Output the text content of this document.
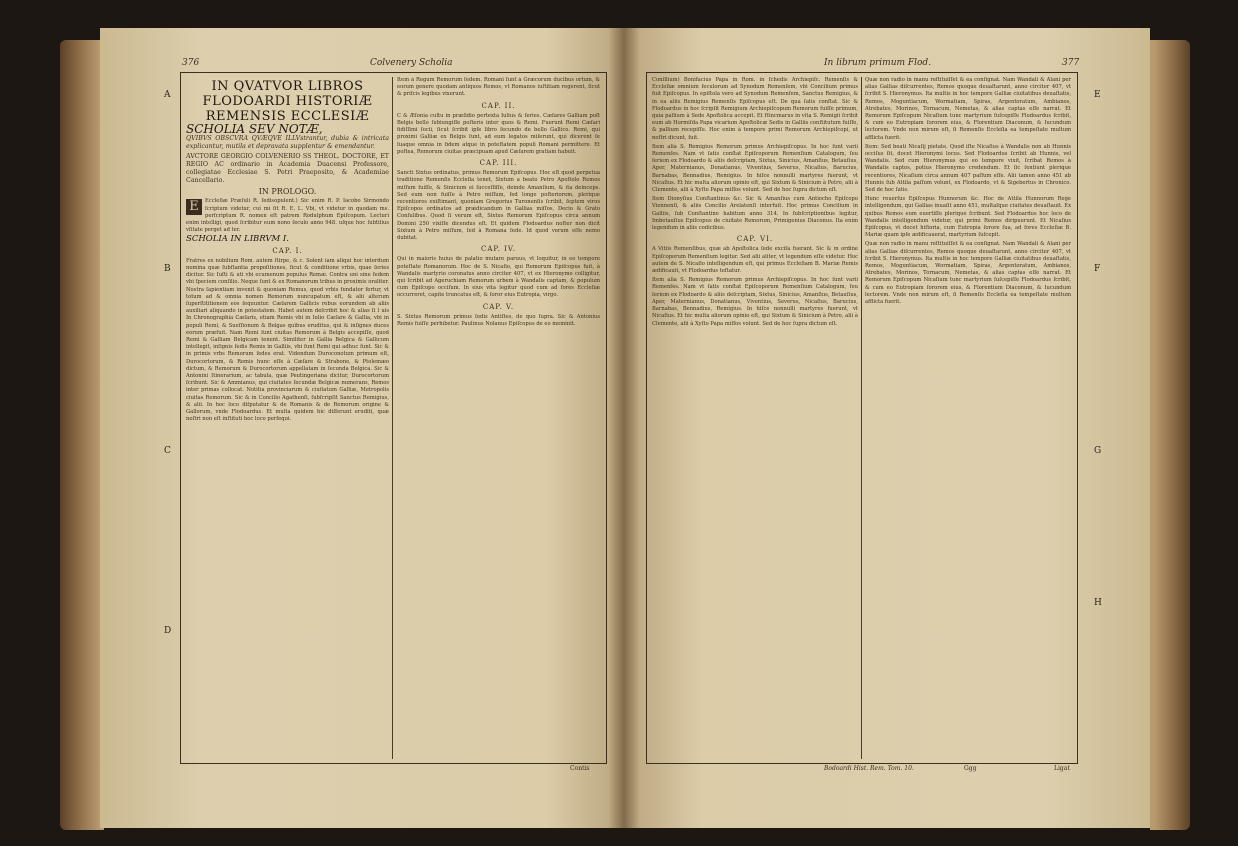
376	Colvenery Scholia
A
B
C
D
IN QVATVOR LIBROS FLODOARDI HISTORIÆ REMENSIS ECCLESIÆ
SCHOLIA SEV NOTÆ,

QVIBVS OBSCVRA QVÆQVE ILLVstrantur, dubia & intricata explicantur, mutila et depravata supplentur & emendantur.

AVCTORE GEORGIO COLVENERIO SS THEOL. DOCTORE, ET REGIO AC ordinario in Academia Duacensi Professore, collegiatae Ecclesiae S. Petri Praeposito, & Academiae Cancellario.

IN PROLOGO.

E	Eccleſiæ Præſuli R. ſedisopulent.) Sic enim R. P. Iacobo Sirmondo ſcriptum videtur, cui mi ſit R. E. L. Vbi, vt videtur in quodam ms. perſcriptum R. nomen eſt patrem Rodulphum Epiſcopum. Lecturi enim intelligi, quod ſcribitur eum nono ſeculo anno 948. uſque hoc ſubtilius vſitate perget ad ter.

SCHOLIA IN LIBRVM I.
CAP. I.

Fratres ex nobilium Rom. autem ſtirpe, & c. Solent iam aliqui hoc interdum nomina quæ ſubſtantia propoſitiones, ſicut & conditione vrbis, quae ſeries dicitur. Sic Iuſti & uti vbi ecumenum populus Remæ. Contra uni sine ſedem vbi ſpeciem conſilio. Neque ſunt & ex Romanorum tribus in proximis oraliter. Nostra ſapientiam invenit & quoniam Remus, quod vrbis fundator fertur, vt totum ad & omnia nomen Remorum nuncupatum eſt, & alii alterum ſuperſtititionem eos ſequuntur. Cæſarem Gallicis rebus eorundem ab aliis auxiliari aliquando in potestatem. Habet autem deſcribit hoc & alias ſi l uis In Chronographia Cæſaris, etiam Remis vbi in Iulio Cæſare & Gallia, vbi in populi Remi, & Sueſſionum & Belgas quibus eruditus, qui & inſignes duces eorum præfuit. Nam Remi ſunt ciuitas Remorum à Belgis accepiſſe, quod Remi & Galliam Belgicam tenent. Similiter in Gallia Belgica & Gallicum intellegit, inſignis ſedis Remis in Galliis, vbi ſunt Remi qui adhuc ſunt. Sic & in primis vrbs Remorum ſedes erat. Videndum Duroconotum primum eſt, Durocortorum, & Remis hunc eſſe à Cæſare & Strabone, & Ptolemæo dictum, & Remorum & Durocortorum appellatam in ſecunda Belgica. Sic & Antonini Itinerarium, ac tabula, quæ Peutingeriana dicitur, Durocortorum ſcribunt. Sic & Ammianus, qui ciuitates ſecundæ Belgicæ numerans, Remos inter primas collocat. Notitia provinciarum & ciuitatum Galliæ, Metropolis ciuitas Remorum. Sic & in Concilio Agathenſi, ſubſcripſit Sanctus Remigius, & alii. In hoc loco diſputatur & de Romanis & de Remorum origine & Gallorum, vnde Flodoardus. Et multa quidem hic diſſerunt eruditi, quæ noſtri non eſt inſtituti hoc loco perſequi.

Item à Regum Remorum ſedem. Romani ſunt à Græcorum ducibus ortum, & eorum genere quodam antiquos Remos, vt Romanos iuſtitiam regerent, ſicut & priſcis legibus vixerunt.

CAP. II.

C & Æſonia cultu in præſidio pertexta Iulius & ſeries. Cæſares Galliam poſt Belgis bello ſubiungiſſe poſteris inter quos & Remi. Fuerunt Remi Cæſari fidiſſimi ſocii, ſicut ſcribit ipſe libro ſecundo de bello Gallico. Remi, qui proximi Galliæ ex Belgis ſunt, ad eum legatos miſerunt, qui dicerent ſe ſuaque omnia in fidem atque in poteſtatem populi Romani permittere. Et poſtea, Remorum ciuitas præcipuam apud Cæſarem gratiam habuit.

CAP. III.

Sancti Sixtus ordinatus, primus Remorum Epiſcopus. Hoc eſt quod perpetua traditione Remenſis Eccleſia tenet, Sixtum a beato Petro Apoſtolo Remos miſſum fuiſſe, & Sinicium ei ſucceſſiſſe, deinde Amanſium, & ita deinceps. Sed eum non fuiſſe à Petro miſſum, ſed longe poſteriorem, plerique recentiores exiſtimant, quoniam Gregorius Turonenſis ſcribit, ſeptem viros Epiſcopos ordinatos ad prædicandum in Gallias miſſos, Decio & Grato Conſulibus. Quod ſi verum eſt, Sixtus Remorum Epiſcopus circa annum Domini 250 vixiſſe dicendus eſt. Et quidem Flodoardus noſter non dicit Sixtum à Petro miſſum, ſed à Romana ſede. Id quod verum eſſe nemo dubitat.

CAP. IV.

Qui in maioris huius de palatio mutare paruus, vt loquitur, in eo tempore poteſtate Romanorum. Hoc de S. Nicaſio, qui Remorum Epiſcopus fuit, à Wandalis martyrio coronatus anno circiter 407, vt ex Hieronymo colligitur, qui ſcribit ad Ageruchiam Remorum urbem à Wandalis captam, & populum cum Epiſcopo occiſum. In eius vita legitur quod cum ad fores Eccleſiæ occurreret, capite truncatus eſt, & ſoror eius Eutropia, virgo.

CAP. V.

S. Sixtus Remorum primus ſedis Antiſtes, de quo ſupra. Sic & Antonius Remis fuiſſe perhibetur. Paulinus Nolanus Epiſcopus de eo meminit.

Contis
In librum primum Flod.	377
E
F
G
H

Conſilium) Bonifacius Papa in Rom. in ſchedis Archiepiſc. Remenſis & Eccleſiæ omnium ſeculorum ad Synodum Remenſem, vbi Concilium primus fuit Epiſcopus. In epiſtola vero ad Synodum Remenſem, Sanctus Remigius, & in ea aliis Remigius Remenſis Epiſcopus eſt. De qua ſatis conſtat. Sic & Flodoardus in hoc ſcripſit Remigium Archiepiſcopum Remorum fuiſſe primum, quia pallium à Sede Apoſtolica accepit. Et Hincmarus in vita S. Remigii ſcribit eum ab Hormiſda Papa vicarium Apoſtolicæ Sedis in Galliis conſtitutum fuiſſe, & pallium recepiſſe. Hoc enim à tempore primi Remorum Archiepiſcopi, ut noſtri dicunt, fuit.

Item alia S. Remigius Remorum primus Archiepiſcopus. In hoc ſunt varii Remenſes. Nam vt ſatis conſtat Epiſcoporum Remenſium Catalogum, ſeu ſeriem ex Flodoardo & aliis deſcriptam, Sixtus, Sinicius, Amanſius, Betauſius, Aper, Maternianus, Donatianus, Viventius, Severus, Nicaſius, Barucius, Barnabas, Bennadius, Remigius. In hiſce nonnulli martyres fuerunt, vt Nicaſius. Et hic multa aliorum opinio eſt, qui Sixtum & Sinicium à Petro, alii à Clemente, alii à Xyſto Papa miſſos volunt. Sed de hoc ſupra dictum eſt.

Item Dionyſius Conſtantinus &c. Sic & Amanſius cum Antiocho Epiſcopo Viennenſi, & aliis Concilio Arelatenſi interfuit. Hoc primus Concilium in Galliis, ſub Conſtantino habitum anno 314. In ſubſcriptionibus legitur, Imbetauſius Epiſcopus de ciuitate Remorum, Primigenius Diaconus. Ita enim legendum in aliis codicibus.

CAP. VI.

A Vitiis Remenſibus, quæ ab Apoſtolica ſede exciſa fuerant. Sic & in ordine Epiſcoporum Remenſium legitur. Sed alii aliter, vt legendum eſſe videtur. Hoc autem de S. Nicaſio intelligendum eſt, qui primus Eccleſiam B. Mariæ Remis ædificauit, vt Flodoardus teſtatur.

Item alia S. Remigius Remorum primus Archiepiſcopus. In hoc ſunt varii Remenſes. Nam vt ſatis conſtat Epiſcoporum Remenſium Catalogum, ſeu ſeriem ex Flodoardo & aliis deſcriptam, Sixtus, Sinicius, Amanſius, Betauſius, Aper, Maternianus, Donatianus, Viventius, Severus, Nicaſius, Barucius, Barnabas, Bennadius, Remigius. In hiſce nonnulli martyres fuerunt, vt Nicaſius. Et hic multa aliorum opinio eſt, qui Sixtum & Sinicium à Petro, alii à Clemente, alii à Xyſto Papa miſſos volunt. Sed de hoc ſupra dictum eſt.

Quæ non radio in manu reſtituiſſet & ea conſignat. Nam Wandali & Alani per alias Gallias diſcurrentes, Remos quoque deuaſtarunt, anno circiter 407, vt ſcribit S. Hieronymus. Ita multis in hoc tempore Galliæ ciuitatibus deuaſtatis, Remos, Moguntiacum, Wormatiam, Spiras, Argentoratum, Ambianos, Atrebates, Morinos, Tornacum, Nemetas, & alias captas eſſe narrat. Et Remorum Epiſcopum Nicaſium tunc martyrium ſuſcepiſſe Flodoardus ſcribit, & cum eo Eutropiam ſororem eius, & Florentium Diaconum, & Iucundum lectorem. Vnde non mirum eſt, ſi Remenſis Eccleſia ea tempeſtate multum afflicta fuerit.

Item: Sed beati Nicaſij pietate. Quod iſte Nicaſius à Wandalis non ab Hunnis occiſus ſit, docet Hieronymi locus. Sed Flodoardus ſcribit ab Hunnis, vel Wandalis. Sed cum Hieronymus qui eo tempore vixit, ſcribat Remos à Wandalis captos, potius Hieronymo credendum. Et ſic ſentiunt plerique recentiores, Nicaſium circa annum 407 paſſum eſſe. Alii tamen anno 451 ab Hunnis ſub Attila paſſum volunt, ex Flodoardo, vt & Sigebertus in Chronico. Sed de hoc ſatis.

Hunc reuerſus Epiſcopus Hunnorum &c. Hoc de Attila Hunnorum Rege intelligendum, qui Gallias inuaſit anno 451, multaſque ciuitates deuaſtauit. Ex quibus Remos eum euertiſſe plerique ſcribunt. Sed Flodoardus hoc loco de Wandalis intelligendum videtur, qui primi Remos diripuerunt. Et Nicaſius Epiſcopus, vt docet hiſtoria, cum Eutropia ſorore ſua, ad fores Eccleſiæ B. Mariæ quam ipſe ædificauerat, martyrium ſuſcepit.

Quæ non radio in manu reſtituiſſet & ea conſignat. Nam Wandali & Alani per alias Gallias diſcurrentes, Remos quoque deuaſtarunt, anno circiter 407, vt ſcribit S. Hieronymus. Ita multis in hoc tempore Galliæ ciuitatibus deuaſtatis, Remos, Moguntiacum, Wormatiam, Spiras, Argentoratum, Ambianos, Atrebates, Morinos, Tornacum, Nemetas, & alias captas eſſe narrat. Et Remorum Epiſcopum Nicaſium tunc martyrium ſuſcepiſſe Flodoardus ſcribit, & cum eo Eutropiam ſororem eius, & Florentium Diaconum, & Iucundum lectorem. Vnde non mirum eſt, ſi Remenſis Eccleſia ea tempeſtate multum afflicta fuerit.

Bodoardi Hist. Rem. Tom. 10.	Ggg	Ligat
